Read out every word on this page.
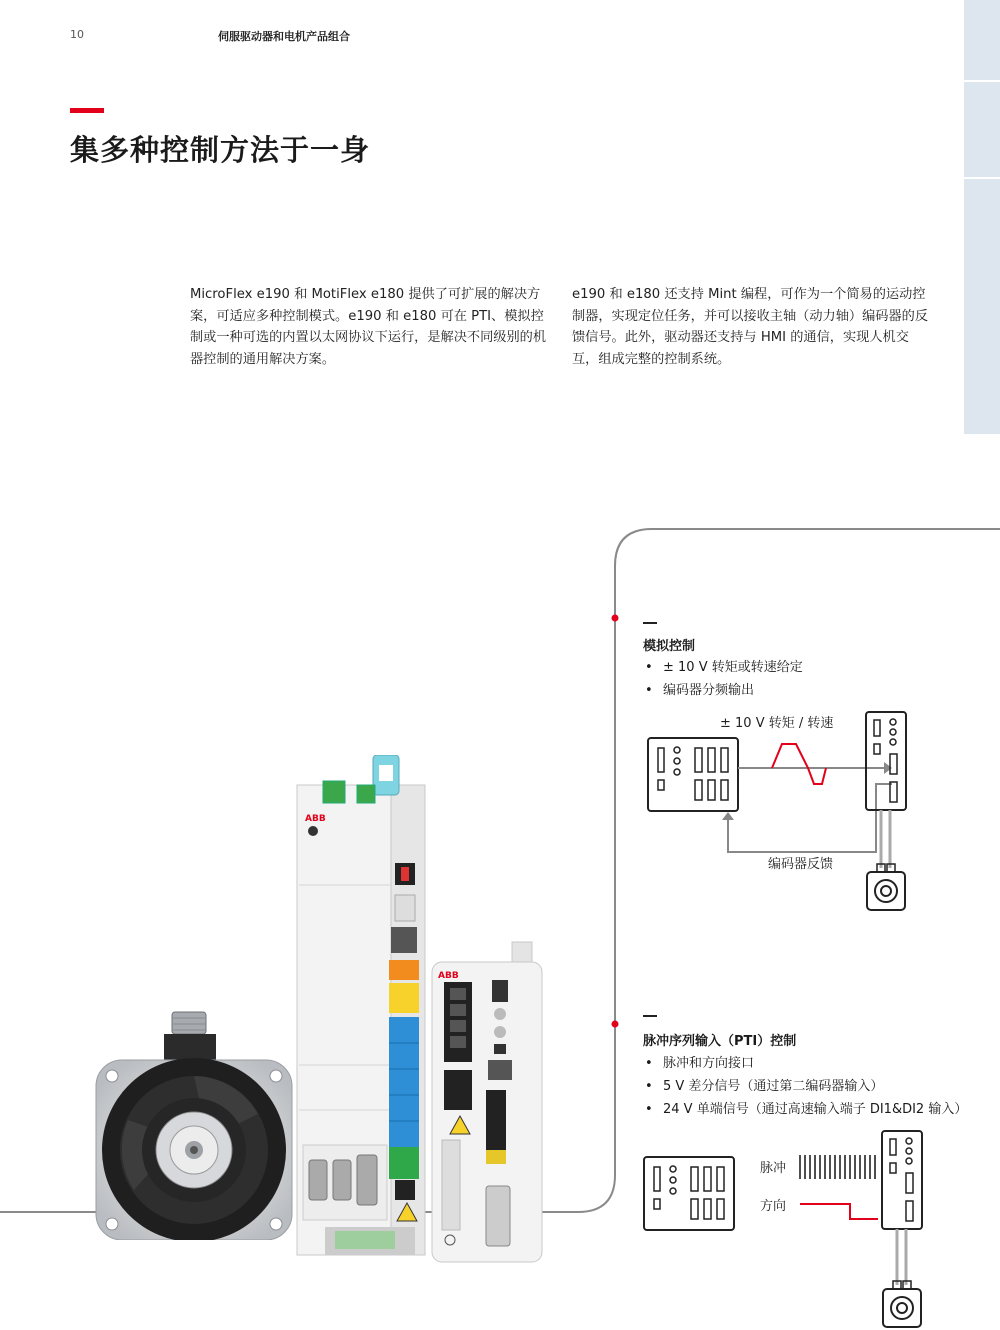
10	伺服驱动器和电机产品组合
集多种控制方法于一身

MicroFlex e190 和 MotiFlex e180 提供了可扩展的解决方案，可适应多种控制模式。e190 和 e180 可在 PTI、模拟控制或一种可选的内置以太网协议下运行，是解决不同级别的机器控制的通用解决方案。

e190 和 e180 还支持 Mint 编程，可作为一个简易的运动控制器，实现定位任务，并可以接收主轴（动力轴）编码器的反馈信号。此外，驱动器还支持与 HMI 的通信，实现人机交互，组成完整的控制系统。

模拟控制
• ± 10 V 转矩或转速给定
• 编码器分频输出
± 10 V 转矩 / 转速
编码器反馈
脉冲序列输入（PTI）控制
• 脉冲和方向接口
• 5 V 差分信号（通过第二编码器输入）
• 24 V 单端信号（通过高速输入端子 DI1&DI2 输入）
脉冲
方向
ABB
ABB
